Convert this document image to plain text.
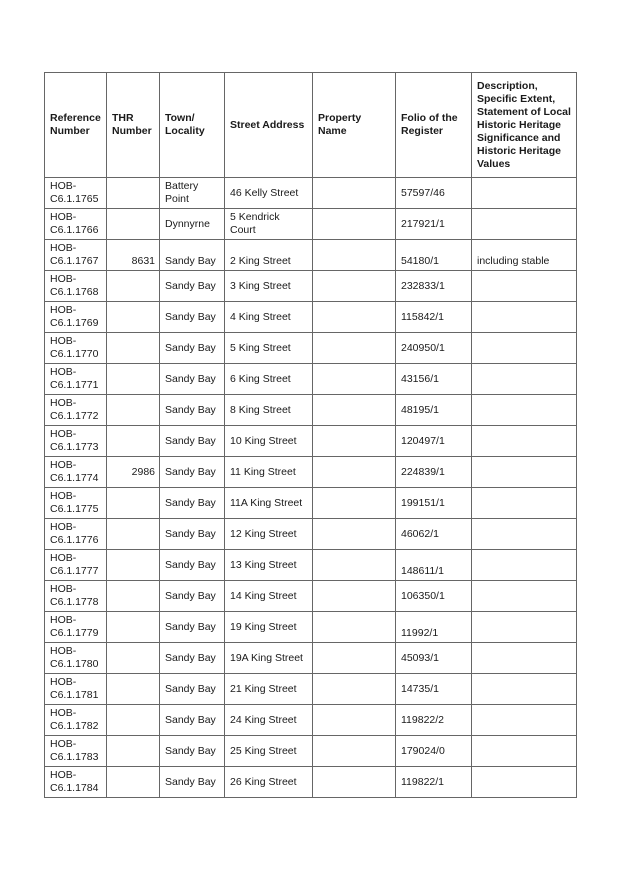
Reference Number	THR Number	Town/ Locality	Street Address	Property Name	Folio of the Register	Description, Specific Extent, Statement of Local Historic Heritage Significance and Historic Heritage Values
HOB-C6.1.1765		Battery Point	46 Kelly Street		57597/46	
HOB-C6.1.1766		Dynnyrne	5 Kendrick Court		217921/1	
HOB-C6.1.1767	8631	Sandy Bay	2 King Street		54180/1	including stable
HOB-C6.1.1768		Sandy Bay	3 King Street		232833/1	
HOB-C6.1.1769		Sandy Bay	4 King Street		115842/1	
HOB-C6.1.1770		Sandy Bay	5 King Street		240950/1	
HOB-C6.1.1771		Sandy Bay	6 King Street		43156/1	
HOB-C6.1.1772		Sandy Bay	8 King Street		48195/1	
HOB-C6.1.1773		Sandy Bay	10 King Street		120497/1	
HOB-C6.1.1774	2986	Sandy Bay	11 King Street		224839/1	
HOB-C6.1.1775		Sandy Bay	11A King Street		199151/1	
HOB-C6.1.1776		Sandy Bay	12 King Street		46062/1	
HOB-C6.1.1777		Sandy Bay	13 King Street		148611/1	
HOB-C6.1.1778		Sandy Bay	14 King Street		106350/1	
HOB-C6.1.1779		Sandy Bay	19 King Street		11992/1	
HOB-C6.1.1780		Sandy Bay	19A King Street		45093/1	
HOB-C6.1.1781		Sandy Bay	21 King Street		14735/1	
HOB-C6.1.1782		Sandy Bay	24 King Street		119822/2	
HOB-C6.1.1783		Sandy Bay	25 King Street		179024/0	
HOB-C6.1.1784		Sandy Bay	26 King Street		119822/1	
